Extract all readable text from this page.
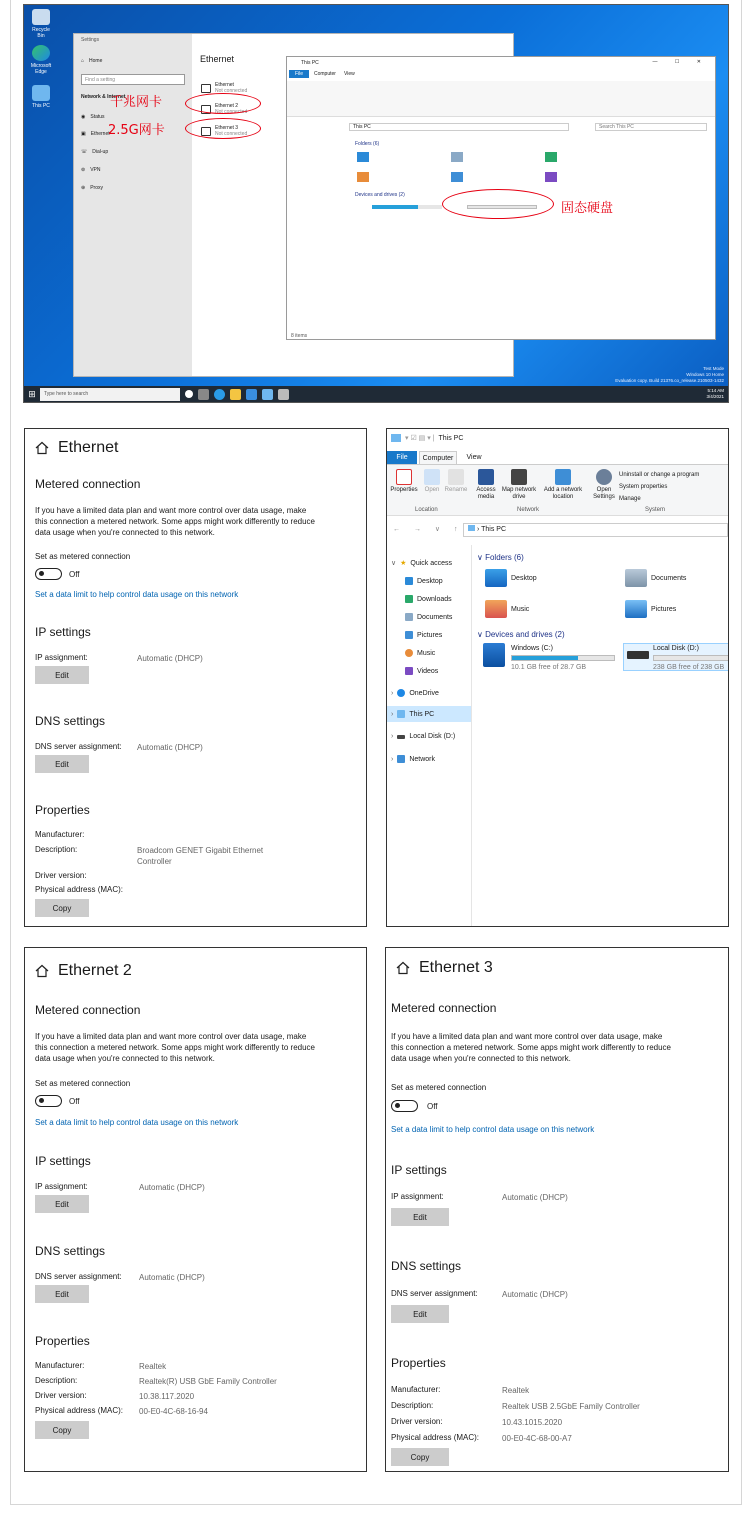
Recycle Bin
Microsoft Edge
This PC
Settings
⌂ Home
Find a setting
Network & Internet
◉ Status
▣ Ethernet
☏ Dial-up
⊚ VPN
⊕ Proxy
Ethernet
Ethernet
Not connected
Ethernet 2
Not connected
Ethernet 3
Not connected
This PC	— ☐ ✕
File	Computer View
This PC	Search This PC
Folders (6)
Devices and drives (2)
8 items
千兆网卡
2.5G网卡
固态硬盘
Test Mode
Windows 10 Home
Evaluation copy. Build 21376.co_release.210503-1432
⊞	Type here to search
5:14 AM
3/4/2021
Ethernet
Metered connection
If you have a limited data plan and want more control over data usage, make this connection a metered network. Some apps might work differently to reduce data usage when you're connected to this network.
Set as metered connection
Off
Set a data limit to help control data usage on this network
IP settings
IP assignment:	Automatic (DHCP)
Edit
DNS settings
DNS server assignment: Automatic (DHCP)
Edit
Properties
Manufacturer:
Description:	Broadcom GENET Gigabit Ethernet Controller
Driver version:
Physical address (MAC):
Copy
▾ ☑ ▤ ▾ | This PC
File	Computer	View
Properties	Open Rename	Access media
Map network drive
Add a network location
Open Settings
Uninstall or change a program
System properties
Manage
Location	Network	System
← → ∨ ↑	› This PC
∨ ★ Quick access
Desktop
Downloads
Documents
Pictures
Music
Videos
› OneDrive
› This PC
› Local Disk (D:)
› Network
∨ Folders (6)
Desktop	Documents
Music	Pictures
∨ Devices and drives (2)
Windows (C:)
10.1 GB free of 28.7 GB
Local Disk (D:)
238 GB free of 238 GB
Ethernet 2
Metered connection
If you have a limited data plan and want more control over data usage, make this connection a metered network. Some apps might work differently to reduce data usage when you're connected to this network.
Set as metered connection
Off
Set a data limit to help control data usage on this network
IP settings
IP assignment:	Automatic (DHCP)
Edit
DNS settings
DNS server assignment: Automatic (DHCP)
Edit
Properties
Manufacturer:	Realtek
Description:	Realtek(R) USB GbE Family Controller
Driver version:	10.38.117.2020
Physical address (MAC): 00-E0-4C-68-16-94
Copy
Ethernet 3
Metered connection
If you have a limited data plan and want more control over data usage, make this connection a metered network. Some apps might work differently to reduce data usage when you're connected to this network.
Set as metered connection
Off
Set a data limit to help control data usage on this network
IP settings
IP assignment:	Automatic (DHCP)
Edit
DNS settings
DNS server assignment:	Automatic (DHCP)
Edit
Properties
Manufacturer:	Realtek
Description:	Realtek USB 2.5GbE Family Controller
Driver version:	10.43.1015.2020
Physical address (MAC):	00-E0-4C-68-00-A7
Copy
